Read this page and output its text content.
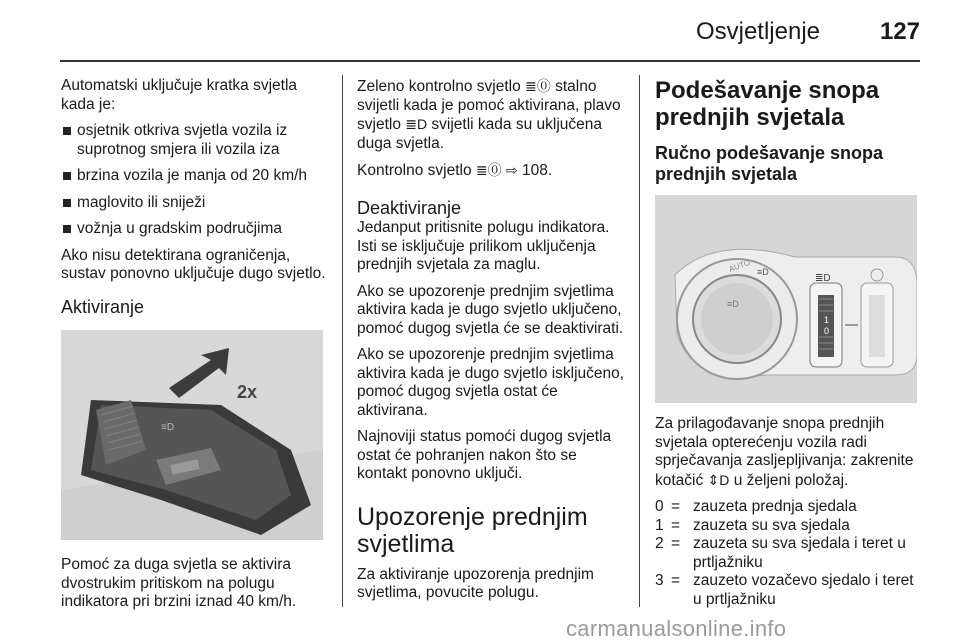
Osvjetljenje 127

Automatski uključuje kratka svjetla kada je:

osjetnik otkriva svjetla vozila iz suprotnog smjera ili vozila iza
brzina vozila je manja od 20 km/h
maglovito ili sniježi
vožnja u gradskim područjima

Ako nisu detektirana ograničenja, sustav ponovno uključuje dugo svjetlo.

Aktiviranje
≡D
2x

Pomoć za duga svjetla se aktivira dvostrukim pritiskom na polugu indikatora pri brzini iznad 40 km/h.

Zeleno kontrolno svjetlo ≣🄋 stalno svijetli kada je pomoć aktivirana, plavo svjetlo ≣D svijetli kada su uključena duga svjetla.

Kontrolno svjetlo ≣🄋 ⇨ 108.

Deaktiviranje

Jedanput pritisnite polugu indikatora. Isti se isključuje prilikom uključenja prednjih svjetala za maglu.

Ako se upozorenje prednjim svjetlima aktivira kada je dugo svjetlo uključeno, pomoć dugog svjetla će se deaktivirati.

Ako se upozorenje prednjim svjetlima aktivira kada je dugo svjetlo isključeno, pomoć dugog svjetla ostat će aktivirana.

Najnoviji status pomoći dugog svjetla ostat će pohranjen nakon što se kontakt ponovno uključi.

Upozorenje prednjim svjetlima

Za aktiviranje upozorenja prednjim svjetlima, povucite polugu.

Podešavanje snopa prednjih svjetala
Ručno podešavanje snopa prednjih svjetala
≡D
AUTO ≡D
1
0
≣D

Za prilagođavanje snopa prednjih svjetala opterećenju vozila radi sprječavanja zasljepljivanja: zakrenite kotačić ⇕D u željeni položaj.

0 = zauzeta prednja sjedala
1 = zauzeta su sva sjedala
2 = zauzeta su sva sjedala i teret u prtljažniku
3 = zauzeto vozačevo sjedalo i teret u prtljažniku
carmanualsonline.info
